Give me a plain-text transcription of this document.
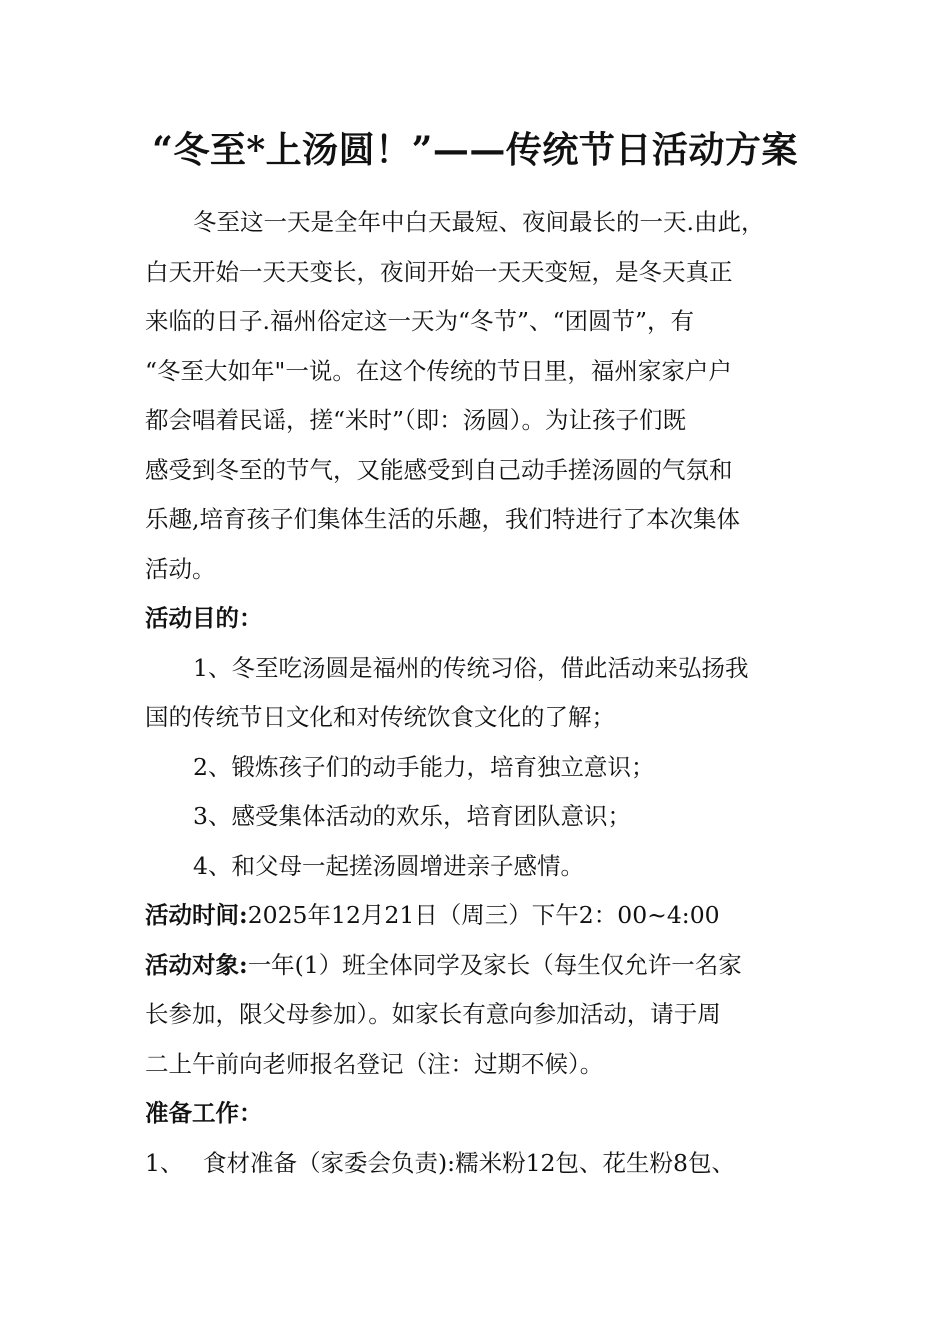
“冬至*上汤圆！”——传统节日活动方案
冬至这一天是全年中白天最短、夜间最长的一天.由此，
白天开始一天天变长，夜间开始一天天变短，是冬天真正
来临的日子.福州俗定这一天为“冬节”、“团圆节”，有
“冬至大如年"一说。在这个传统的节日里，福州家家户户
都会唱着民谣，搓“米时”（即：汤圆）。为让孩子们既
感受到冬至的节气，又能感受到自己动手搓汤圆的气氛和
乐趣,培育孩子们集体生活的乐趣，我们特进行了本次集体
活动。
活动目的：
1、冬至吃汤圆是福州的传统习俗，借此活动来弘扬我
国的传统节日文化和对传统饮食文化的了解；
2、锻炼孩子们的动手能力，培育独立意识；
3、感受集体活动的欢乐，培育团队意识；
4、和父母一起搓汤圆增进亲子感情。
活动时间:2025年12月21日（周三）下午2：00~4:00
活动对象:一年(1）班全体同学及家长（每生仅允许一名家
长参加，限父母参加）。如家长有意向参加活动，请于周
二上午前向老师报名登记（注：过期不候）。
准备工作：
1、 食材准备（家委会负责):糯米粉12包、花生粉8包、
